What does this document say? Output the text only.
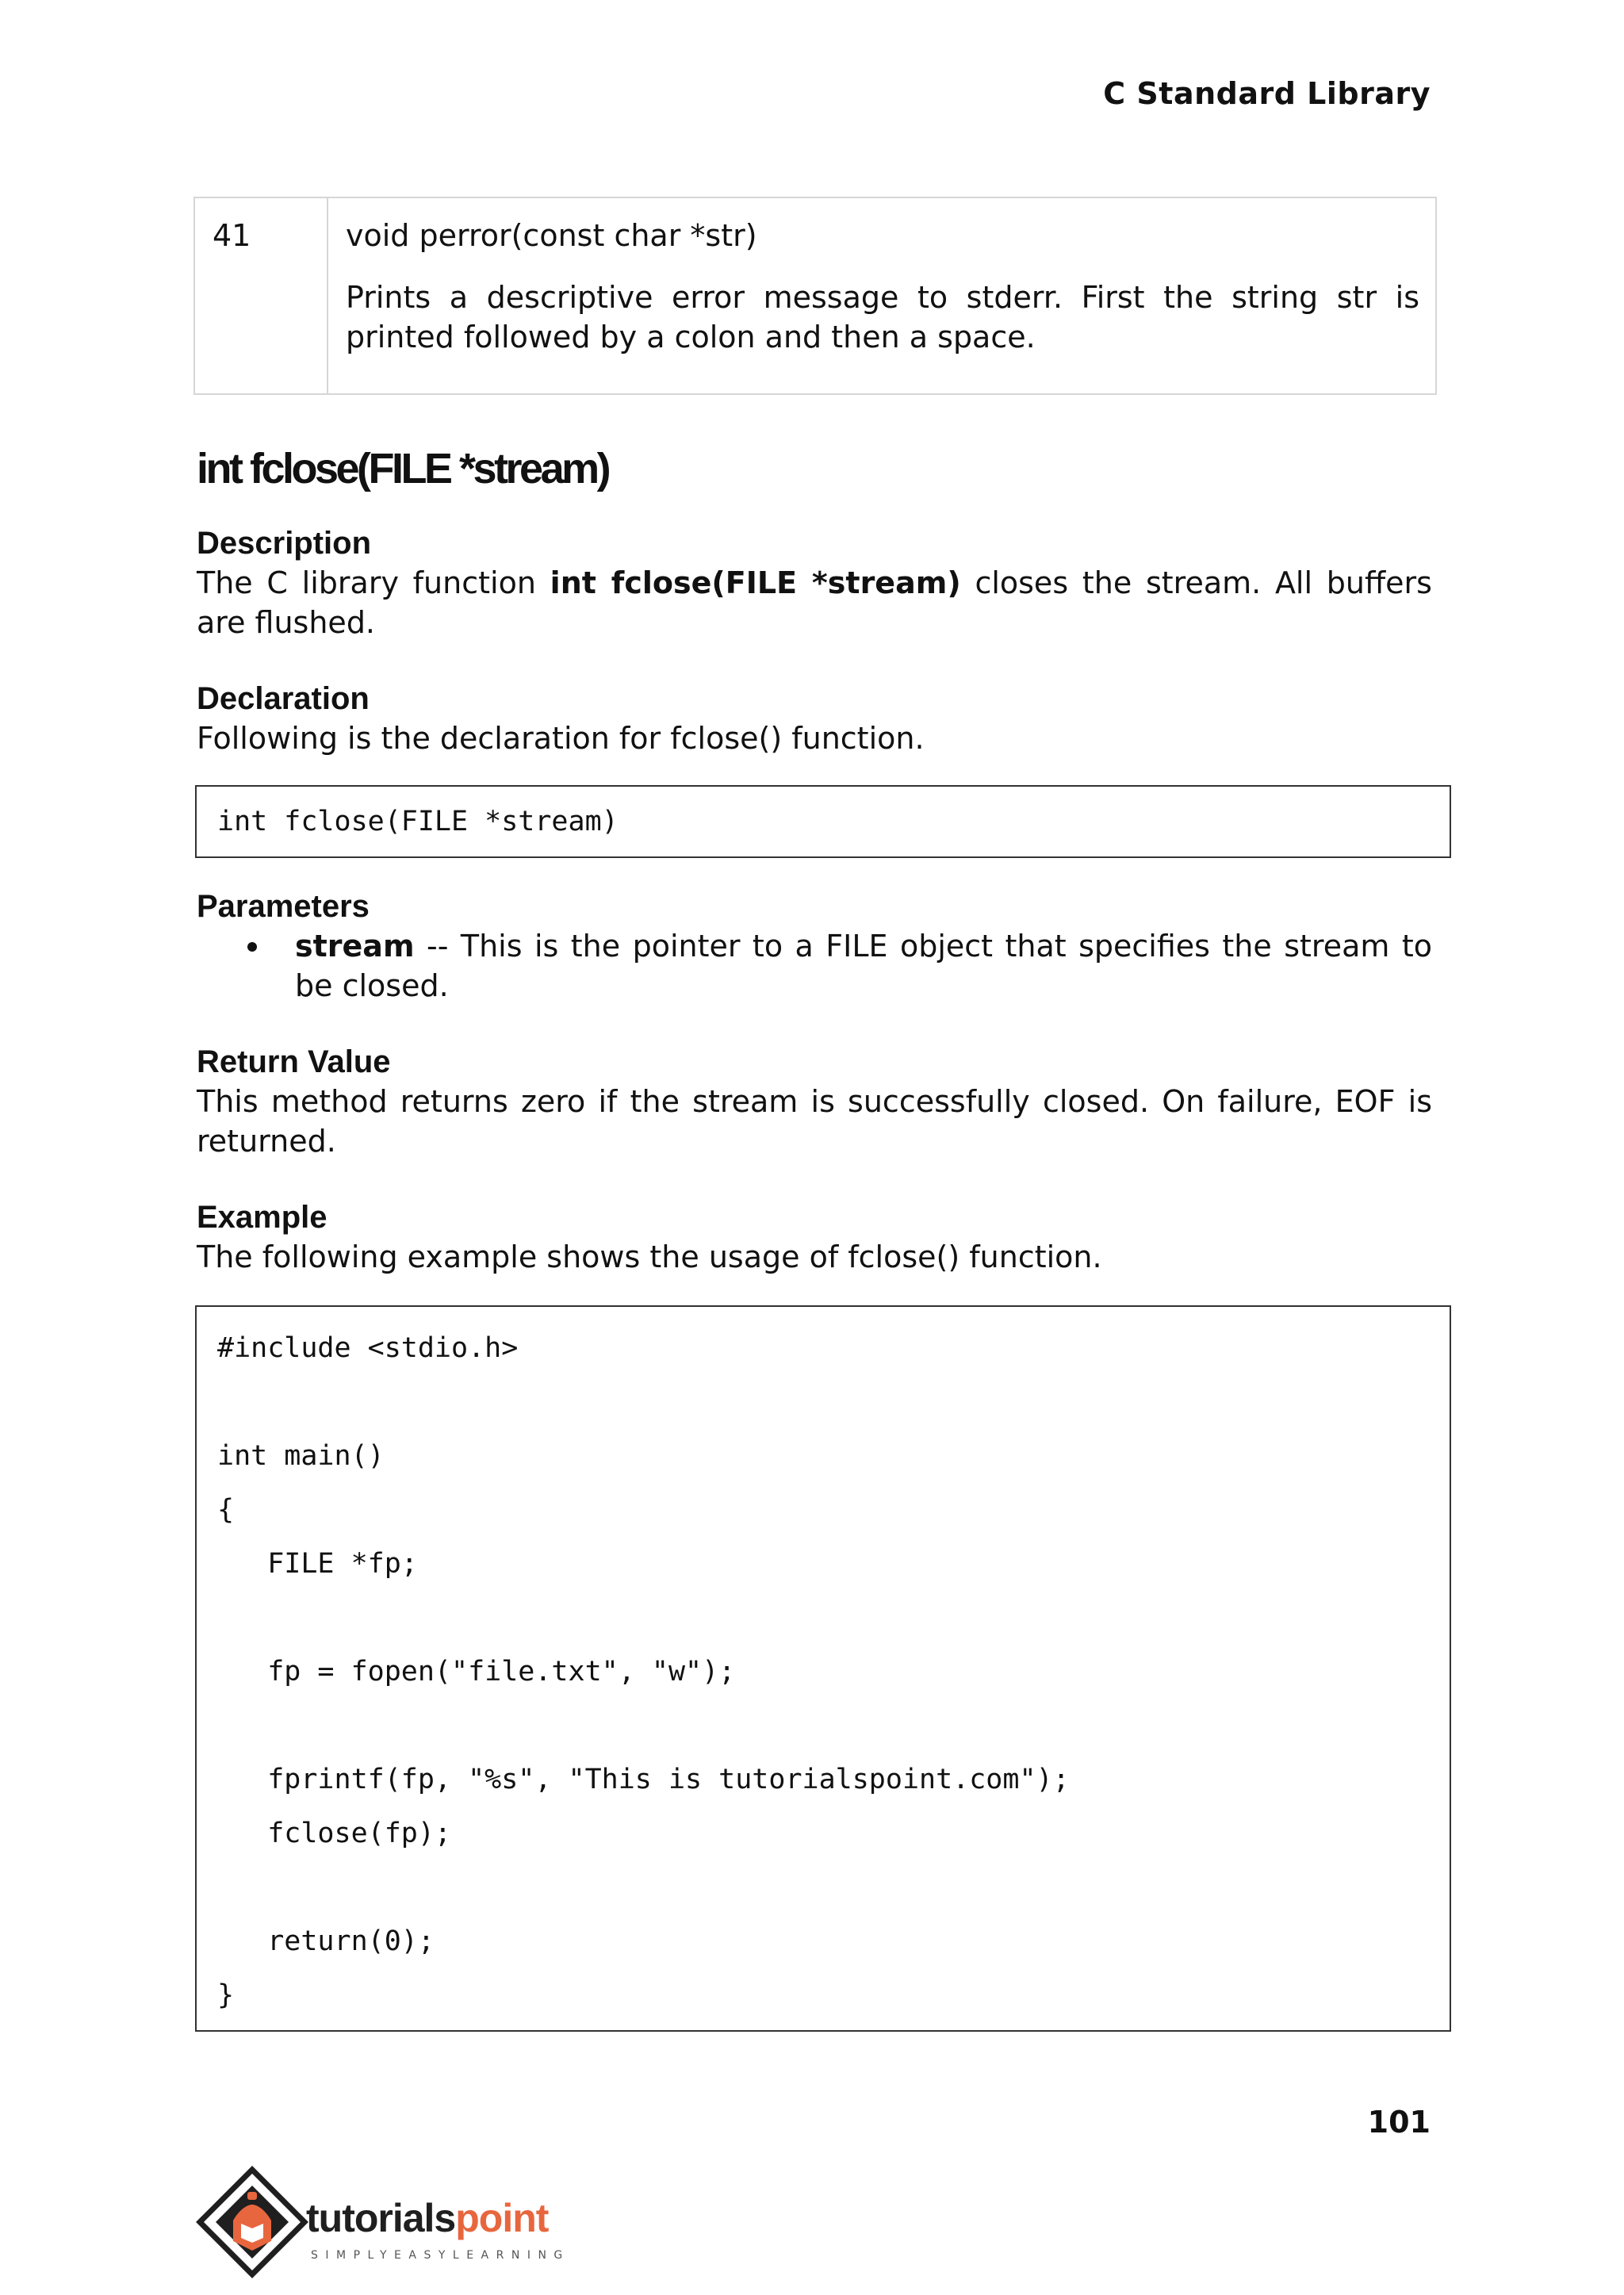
C Standard Library
41	void perror(const char *str)

Prints a descriptive error message to stderr. First the string str is printed followed by a colon and then a space.

int fclose(FILE *stream)

Description

The C library function int fclose(FILE *stream) closes the stream. All buffers are flushed.

Declaration

Following is the declaration for fclose() function.

int fclose(FILE *stream)

Parameters

stream -- This is the pointer to a FILE object that specifies the stream to be closed.

Return Value

This method returns zero if the stream is successfully closed. On failure, EOF is returned.

Example

The following example shows the usage of fclose() function.

#include <stdio.h>
int main()
{
FILE *fp;
fp = fopen("file.txt", "w");
fprintf(fp, "%s", "This is tutorialspoint.com");
fclose(fp);
return(0);
}
101
tutorialspoint
SIMPLYEASYLEARNING
